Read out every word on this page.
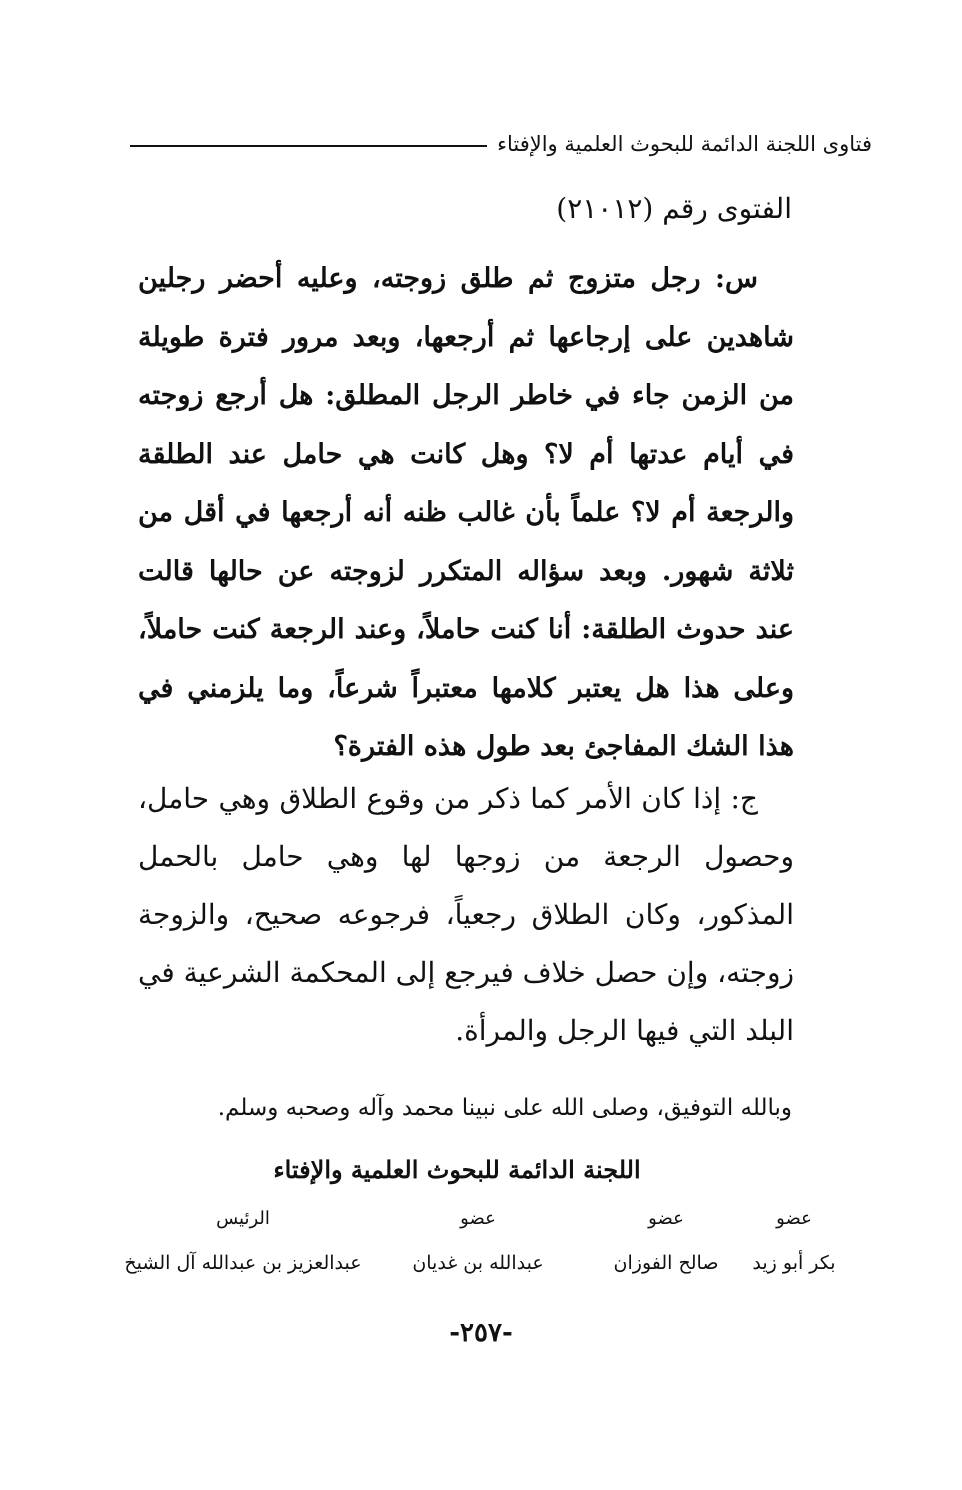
فتاوى اللجنة الدائمة للبحوث العلمية والإفتاء
الفتوى رقم (٢١٠١٢)
س: رجل متزوج ثم طلق زوجته، وعليه أحضر رجلين شاهدين على إرجاعها ثم أرجعها، وبعد مرور فترة طويلة من الزمن جاء في خاطر الرجل المطلق: هل أرجع زوجته في أيام عدتها أم لا؟ وهل كانت هي حامل عند الطلقة والرجعة أم لا؟ علماً بأن غالب ظنه أنه أرجعها في أقل من ثلاثة شهور. وبعد سؤاله المتكرر لزوجته عن حالها قالت عند حدوث الطلقة: أنا كنت حاملاً، وعند الرجعة كنت حاملاً، وعلى هذا هل يعتبر كلامها معتبراً شرعاً، وما يلزمني في هذا الشك المفاجئ بعد طول هذه الفترة؟
ج: إذا كان الأمر كما ذكر من وقوع الطلاق وهي حامل، وحصول الرجعة من زوجها لها وهي حامل بالحمل المذكور، وكان الطلاق رجعياً، فرجوعه صحيح، والزوجة زوجته، وإن حصل خلاف فيرجع إلى المحكمة الشرعية في البلد التي فيها الرجل والمرأة.
وبالله التوفيق، وصلى الله على نبينا محمد وآله وصحبه وسلم.
اللجنة الدائمة للبحوث العلمية والإفتاء
عضو
عضو
عضو
الرئيس
بكر أبو زيد
صالح الفوزان
عبدالله بن غديان
عبدالعزيز بن عبدالله آل الشيخ
-٢٥٧-
